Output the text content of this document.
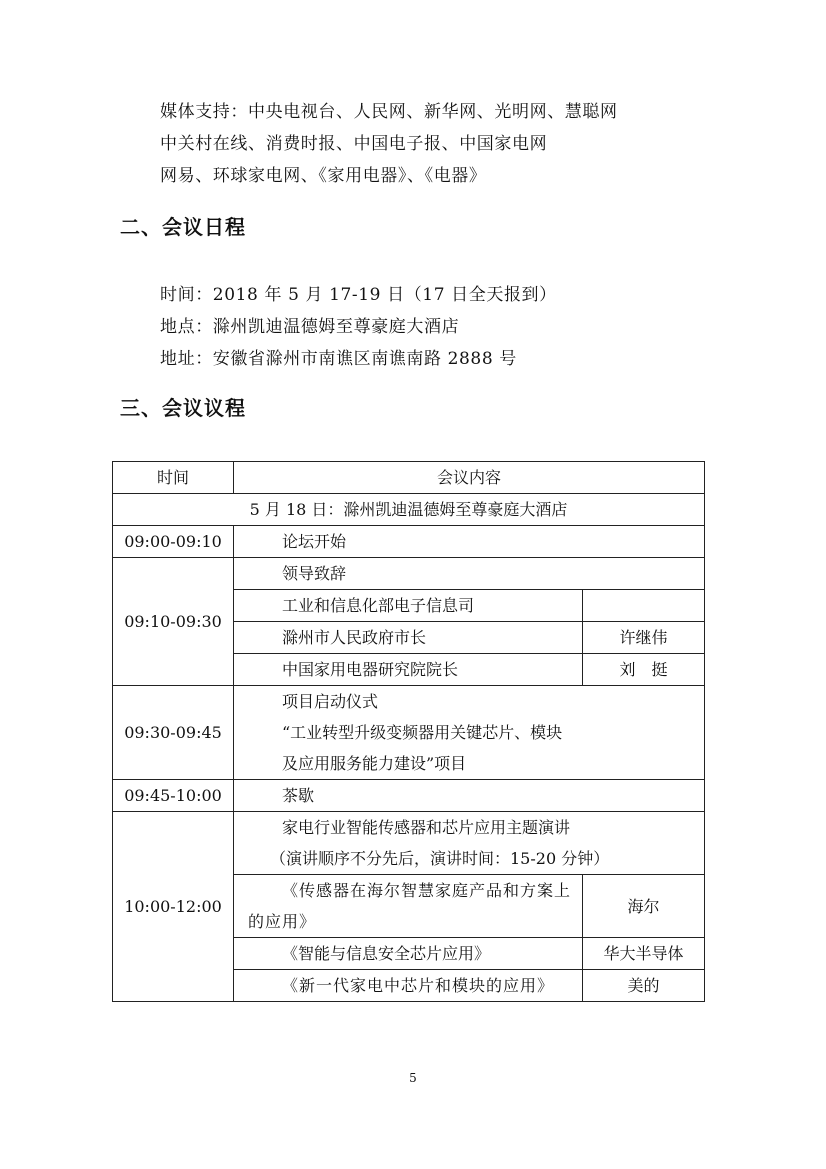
媒体支持：中央电视台、人民网、新华网、光明网、慧聪网
中关村在线、消费时报、中国电子报、中国家电网
网易、环球家电网、《家用电器》、《电器》
二、会议日程
时间：2018 年 5 月 17-19 日（17 日全天报到）
地点：滁州凯迪温德姆至尊豪庭大酒店
地址：安徽省滁州市南谯区南谯南路 2888 号
三、会议议程
时间	会议内容	
5 月 18 日：滁州凯迪温德姆至尊豪庭大酒店		
09:00-09:10	论坛开始	
09:10-09:30	领导致辞	
	工业和信息化部电子信息司	
	滁州市人民政府市长	许继伟
	中国家用电器研究院院长	刘　挺
09:30-09:45	项目启动仪式
“工业转型升级变频器用关键芯片、模块
及应用服务能力建设”项目	

09:45-10:00	茶歇	
10:00-12:00	家电行业智能传感器和芯片应用主题演讲
（演讲顺序不分先后，演讲时间：15-20 分钟）	

	《传感器在海尔智慧家庭产品和方案上的应用》	海尔
	《智能与信息安全芯片应用》	华大半导体
	《新一代家电中芯片和模块的应用》	美的
5
